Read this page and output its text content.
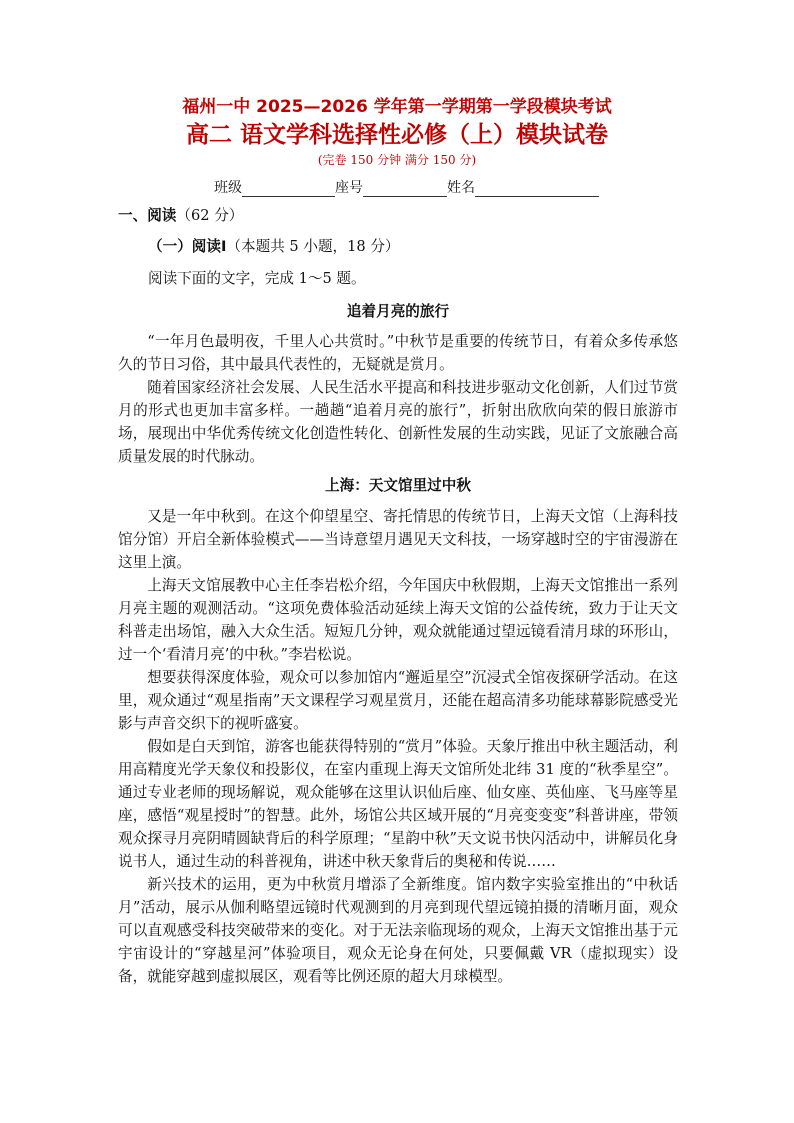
福州一中 2025—2026 学年第一学期第一学段模块考试
高二 语文学科选择性必修（上）模块试卷
(完卷 150 分钟 满分 150 分)
班级	座号	姓名

一、阅读（62 分）

（一）阅读Ⅰ（本题共 5 小题，18 分）

阅读下面的文字，完成 1～5 题。

追着月亮的旅行

“一年月色最明夜，千里人心共赏时。”中秋节是重要的传统节日，有着众多传承悠久的节日习俗，其中最具代表性的，无疑就是赏月。

随着国家经济社会发展、人民生活水平提高和科技进步驱动文化创新，人们过节赏月的形式也更加丰富多样。一趟趟“追着月亮的旅行”，折射出欣欣向荣的假日旅游市场，展现出中华优秀传统文化创造性转化、创新性发展的生动实践，见证了文旅融合高质量发展的时代脉动。

上海：天文馆里过中秋

又是一年中秋到。在这个仰望星空、寄托情思的传统节日，上海天文馆（上海科技馆分馆）开启全新体验模式——当诗意望月遇见天文科技，一场穿越时空的宇宙漫游在这里上演。

上海天文馆展教中心主任李岩松介绍，今年国庆中秋假期，上海天文馆推出一系列月亮主题的观测活动。“这项免费体验活动延续上海天文馆的公益传统，致力于让天文科普走出场馆，融入大众生活。短短几分钟，观众就能通过望远镜看清月球的环形山，过一个‘看清月亮’的中秋。”李岩松说。

想要获得深度体验，观众可以参加馆内“邂逅星空”沉浸式全馆夜探研学活动。在这里，观众通过“观星指南”天文课程学习观星赏月，还能在超高清多功能球幕影院感受光影与声音交织下的视听盛宴。

假如是白天到馆，游客也能获得特别的“赏月”体验。天象厅推出中秋主题活动，利用高精度光学天象仪和投影仪，在室内重现上海天文馆所处北纬 31 度的“秋季星空”。通过专业老师的现场解说，观众能够在这里认识仙后座、仙女座、英仙座、飞马座等星座，感悟“观星授时”的智慧。此外，场馆公共区域开展的“月亮变变变”科普讲座，带领观众探寻月亮阴晴圆缺背后的科学原理；“星韵中秋”天文说书快闪活动中，讲解员化身说书人，通过生动的科普视角，讲述中秋天象背后的奥秘和传说……

新兴技术的运用，更为中秋赏月增添了全新维度。馆内数字实验室推出的“中秋话月”活动，展示从伽利略望远镜时代观测到的月亮到现代望远镜拍摄的清晰月面，观众可以直观感受科技突破带来的变化。对于无法亲临现场的观众，上海天文馆推出基于元宇宙设计的“穿越星河”体验项目，观众无论身在何处，只要佩戴 VR（虚拟现实）设备，就能穿越到虚拟展区，观看等比例还原的超大月球模型。
